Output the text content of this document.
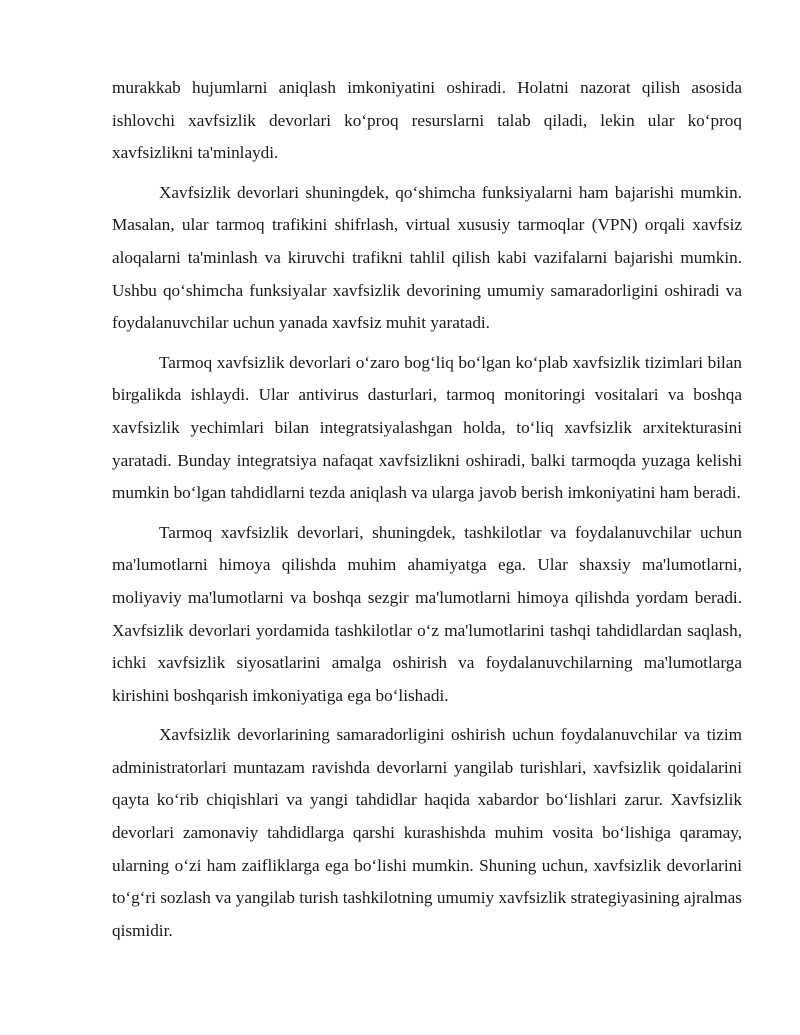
murakkab hujumlarni aniqlash imkoniyatini oshiradi. Holatni nazorat qilish asosida ishlovchi xavfsizlik devorlari ko‘proq resurslarni talab qiladi, lekin ular ko‘proq xavfsizlikni ta'minlaydi.

Xavfsizlik devorlari shuningdek, qo‘shimcha funksiyalarni ham bajarishi mumkin. Masalan, ular tarmoq trafikini shifrlash, virtual xususiy tarmoqlar (VPN) orqali xavfsiz aloqalarni ta'minlash va kiruvchi trafikni tahlil qilish kabi vazifalarni bajarishi mumkin. Ushbu qo‘shimcha funksiyalar xavfsizlik devorining umumiy samaradorligini oshiradi va foydalanuvchilar uchun yanada xavfsiz muhit yaratadi.

Tarmoq xavfsizlik devorlari o‘zaro bog‘liq bo‘lgan ko‘plab xavfsizlik tizimlari bilan birgalikda ishlaydi. Ular antivirus dasturlari, tarmoq monitoringi vositalari va boshqa xavfsizlik yechimlari bilan integratsiyalashgan holda, to‘liq xavfsizlik arxitekturasini yaratadi. Bunday integratsiya nafaqat xavfsizlikni oshiradi, balki tarmoqda yuzaga kelishi mumkin bo‘lgan tahdidlarni tezda aniqlash va ularga javob berish imkoniyatini ham beradi.

Tarmoq xavfsizlik devorlari, shuningdek, tashkilotlar va foydalanuvchilar uchun ma'lumotlarni himoya qilishda muhim ahamiyatga ega. Ular shaxsiy ma'lumotlarni, moliyaviy ma'lumotlarni va boshqa sezgir ma'lumotlarni himoya qilishda yordam beradi. Xavfsizlik devorlari yordamida tashkilotlar o‘z ma'lumotlarini tashqi tahdidlardan saqlash, ichki xavfsizlik siyosatlarini amalga oshirish va foydalanuvchilarning ma'lumotlarga kirishini boshqarish imkoniyatiga ega bo‘lishadi.

Xavfsizlik devorlarining samaradorligini oshirish uchun foydalanuvchilar va tizim administratorlari muntazam ravishda devorlarni yangilab turishlari, xavfsizlik qoidalarini qayta ko‘rib chiqishlari va yangi tahdidlar haqida xabardor bo‘lishlari zarur. Xavfsizlik devorlari zamonaviy tahdidlarga qarshi kurashishda muhim vosita bo‘lishiga qaramay, ularning o‘zi ham zaifliklarga ega bo‘lishi mumkin. Shuning uchun, xavfsizlik devorlarini to‘g‘ri sozlash va yangilab turish tashkilotning umumiy xavfsizlik strategiyasining ajralmas qismidir.
